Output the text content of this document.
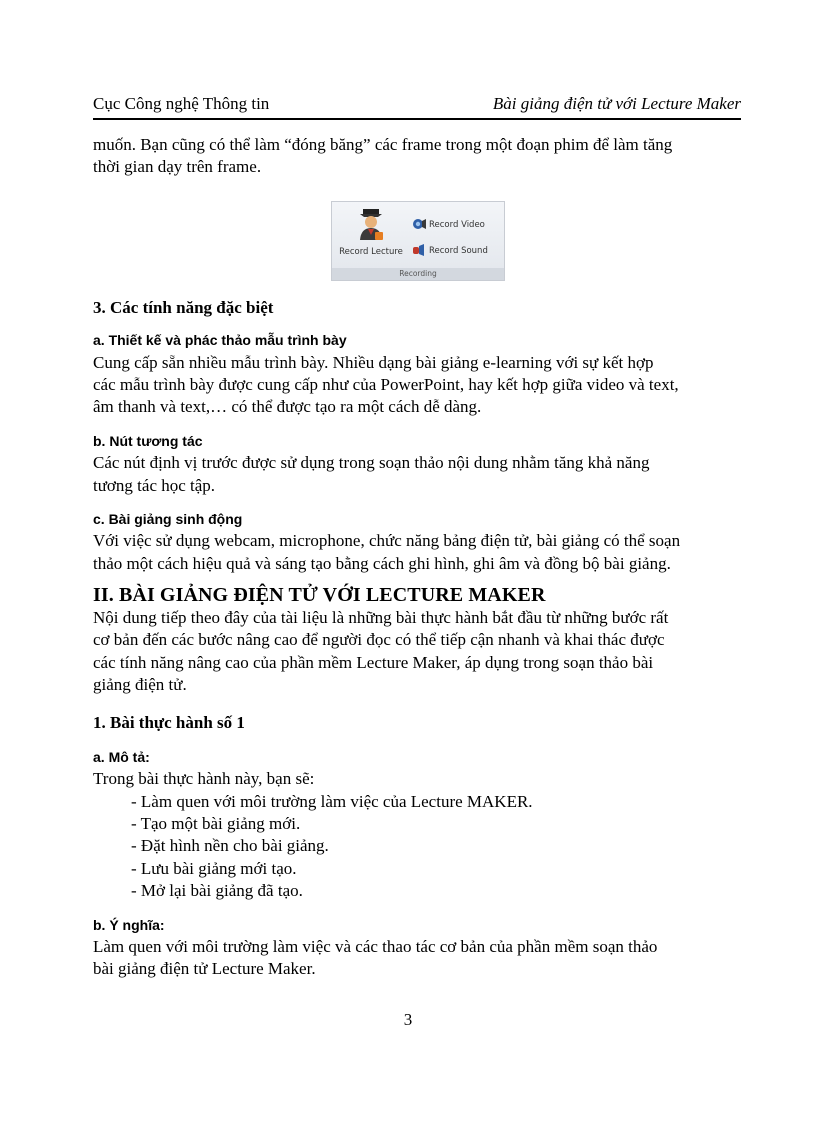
Cục Công nghệ Thông tin	Bài giảng điện tử với Lecture Maker

muốn. Bạn cũng có thể làm “đóng băng” các frame trong một đoạn phim để làm tăng
thời gian dạy trên frame.

Record Lecture
Record Video
Record Sound
Recording
3. Các tính năng đặc biệt
a. Thiết kế và phác thảo mẫu trình bày

Cung cấp sẵn nhiều mẫu trình bày. Nhiều dạng bài giảng e-learning với sự kết hợp
các mẫu trình bày được cung cấp như của PowerPoint, hay kết hợp giữa video và text,
âm thanh và text,… có thể được tạo ra một cách dễ dàng.

b. Nút tương tác

Các nút định vị trước được sử dụng trong soạn thảo nội dung nhằm tăng khả năng
tương tác học tập.

c. Bài giảng sinh động

Với việc sử dụng webcam, microphone, chức năng bảng điện tử, bài giảng có thể soạn
thảo một cách hiệu quả và sáng tạo bằng cách ghi hình, ghi âm và đồng bộ bài giảng.

II. BÀI GIẢNG ĐIỆN TỬ VỚI LECTURE MAKER

Nội dung tiếp theo đây của tài liệu là những bài thực hành bắt đầu từ những bước rất
cơ bản đến các bước nâng cao để người đọc có thể tiếp cận nhanh và khai thác được
các tính năng nâng cao của phần mềm Lecture Maker, áp dụng trong soạn thảo bài
giảng điện tử.

1. Bài thực hành số 1
a. Mô tả:

Trong bài thực hành này, bạn sẽ:

- Làm quen với môi trường làm việc của Lecture MAKER.
- Tạo một bài giảng mới.
- Đặt hình nền cho bài giảng.
- Lưu bài giảng mới tạo.
- Mở lại bài giảng đã tạo.
b. Ý nghĩa:

Làm quen với môi trường làm việc và các thao tác cơ bản của phần mềm soạn thảo
bài giảng điện tử Lecture Maker.

3
